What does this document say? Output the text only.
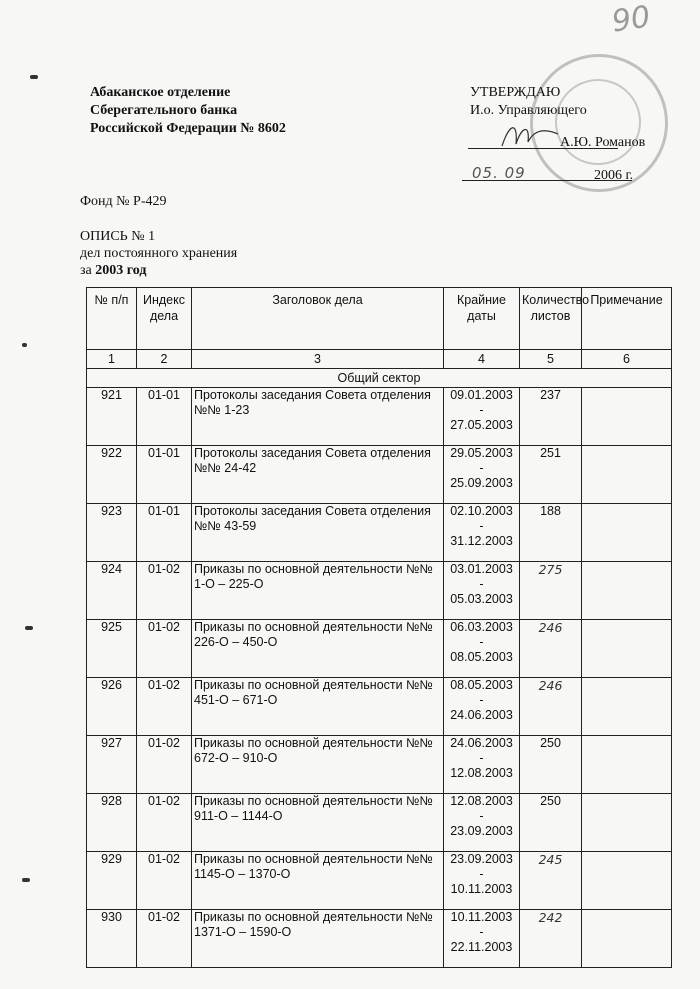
90
Абаканское отделение
Сберегательного банка
Российской Федерации № 8602
УТВЕРЖДАЮ
И.о. Управляющего
А.Ю. Романов
05. 09	2006 г.
Фонд № Р-429
ОПИСЬ № 1
дел постоянного хранения
за 2003 год
№ п/п	Индекс дела	Заголовок дела	Крайние даты	Количество листов	Примечание
1	2	3	4	5	6
Общий сектор					
921	01-01	Протоколы заседания Совета отделения №№ 1-23	09.01.2003
-
27.05.2003	237	
922	01-01	Протоколы заседания Совета отделения №№ 24-42	29.05.2003
-
25.09.2003	251	
923	01-01	Протоколы заседания Совета отделения №№ 43-59	02.10.2003
-
31.12.2003	188	
924	01-02	Приказы по основной деятельности №№ 1-О – 225-О	03.01.2003
-
05.03.2003	275	
925	01-02	Приказы по основной деятельности №№ 226-О – 450-О	06.03.2003
-
08.05.2003	246	
926	01-02	Приказы по основной деятельности №№ 451-О – 671-О	08.05.2003
-
24.06.2003	246	
927	01-02	Приказы по основной деятельности №№ 672-О – 910-О	24.06.2003
-
12.08.2003	250	
928	01-02	Приказы по основной деятельности №№ 911-О – 1144-О	12.08.2003
-
23.09.2003	250	
929	01-02	Приказы по основной деятельности №№ 1145-О – 1370-О	23.09.2003
-
10.11.2003	245	
930	01-02	Приказы по основной деятельности №№ 1371-О – 1590-О	10.11.2003
-
22.11.2003	242	
